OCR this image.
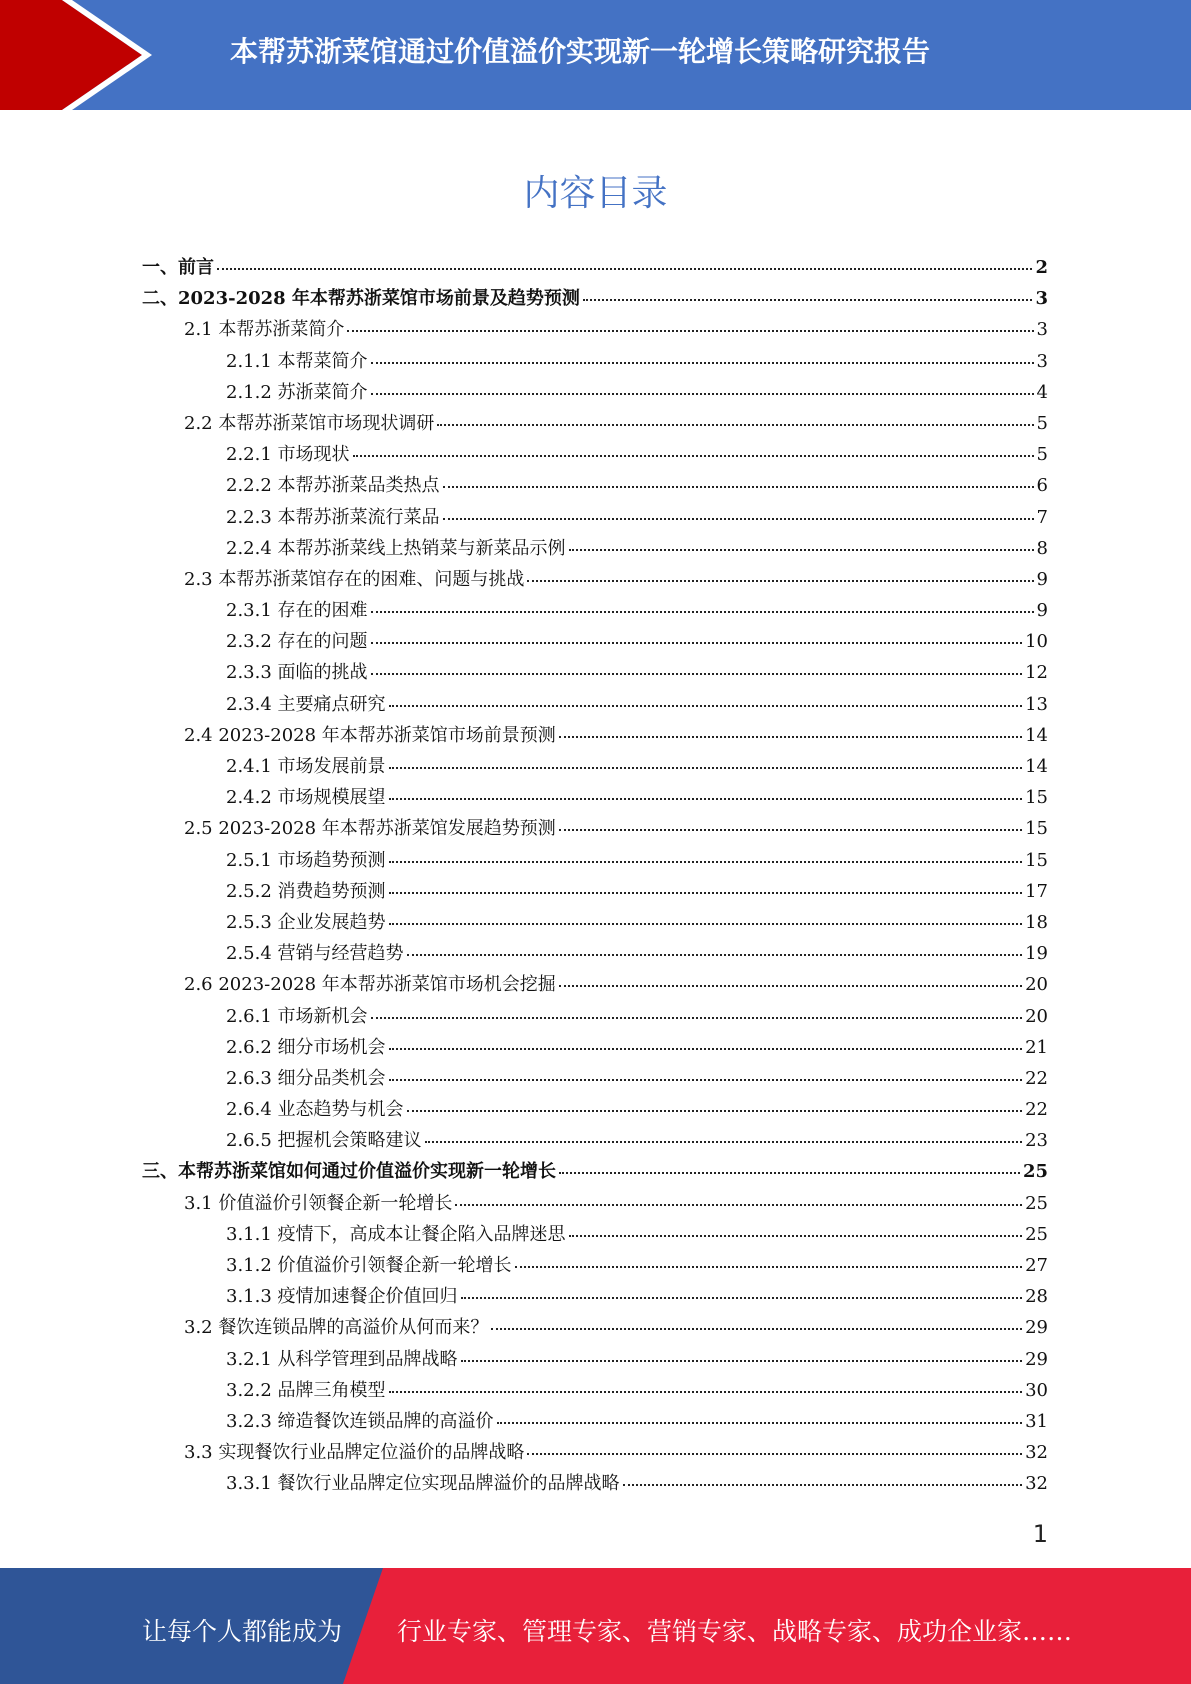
本帮苏浙菜馆通过价值溢价实现新一轮增长策略研究报告
内容目录
一、前言	2
二、2023-2028 年本帮苏浙菜馆市场前景及趋势预测	3
2.1 本帮苏浙菜简介	3
2.1.1 本帮菜简介	3
2.1.2 苏浙菜简介	4
2.2 本帮苏浙菜馆市场现状调研	5
2.2.1 市场现状	5
2.2.2 本帮苏浙菜品类热点	6
2.2.3 本帮苏浙菜流行菜品	7
2.2.4 本帮苏浙菜线上热销菜与新菜品示例	8
2.3 本帮苏浙菜馆存在的困难、问题与挑战	9
2.3.1 存在的困难	9
2.3.2 存在的问题	10
2.3.3 面临的挑战	12
2.3.4 主要痛点研究	13
2.4 2023-2028 年本帮苏浙菜馆市场前景预测	14
2.4.1 市场发展前景	14
2.4.2 市场规模展望	15
2.5 2023-2028 年本帮苏浙菜馆发展趋势预测	15
2.5.1 市场趋势预测	15
2.5.2 消费趋势预测	17
2.5.3 企业发展趋势	18
2.5.4 营销与经营趋势	19
2.6 2023-2028 年本帮苏浙菜馆市场机会挖掘	20
2.6.1 市场新机会	20
2.6.2 细分市场机会	21
2.6.3 细分品类机会	22
2.6.4 业态趋势与机会	22
2.6.5 把握机会策略建议	23
三、本帮苏浙菜馆如何通过价值溢价实现新一轮增长	25
3.1 价值溢价引领餐企新一轮增长	25
3.1.1 疫情下，高成本让餐企陷入品牌迷思	25
3.1.2 价值溢价引领餐企新一轮增长	27
3.1.3 疫情加速餐企价值回归	28
3.2 餐饮连锁品牌的高溢价从何而来？	29
3.2.1 从科学管理到品牌战略	29
3.2.2 品牌三角模型	30
3.2.3 缔造餐饮连锁品牌的高溢价	31
3.3 实现餐饮行业品牌定位溢价的品牌战略	32
3.3.1 餐饮行业品牌定位实现品牌溢价的品牌战略	32
1
让每个人都能成为 行业专家、管理专家、营销专家、战略专家、成功企业家……
